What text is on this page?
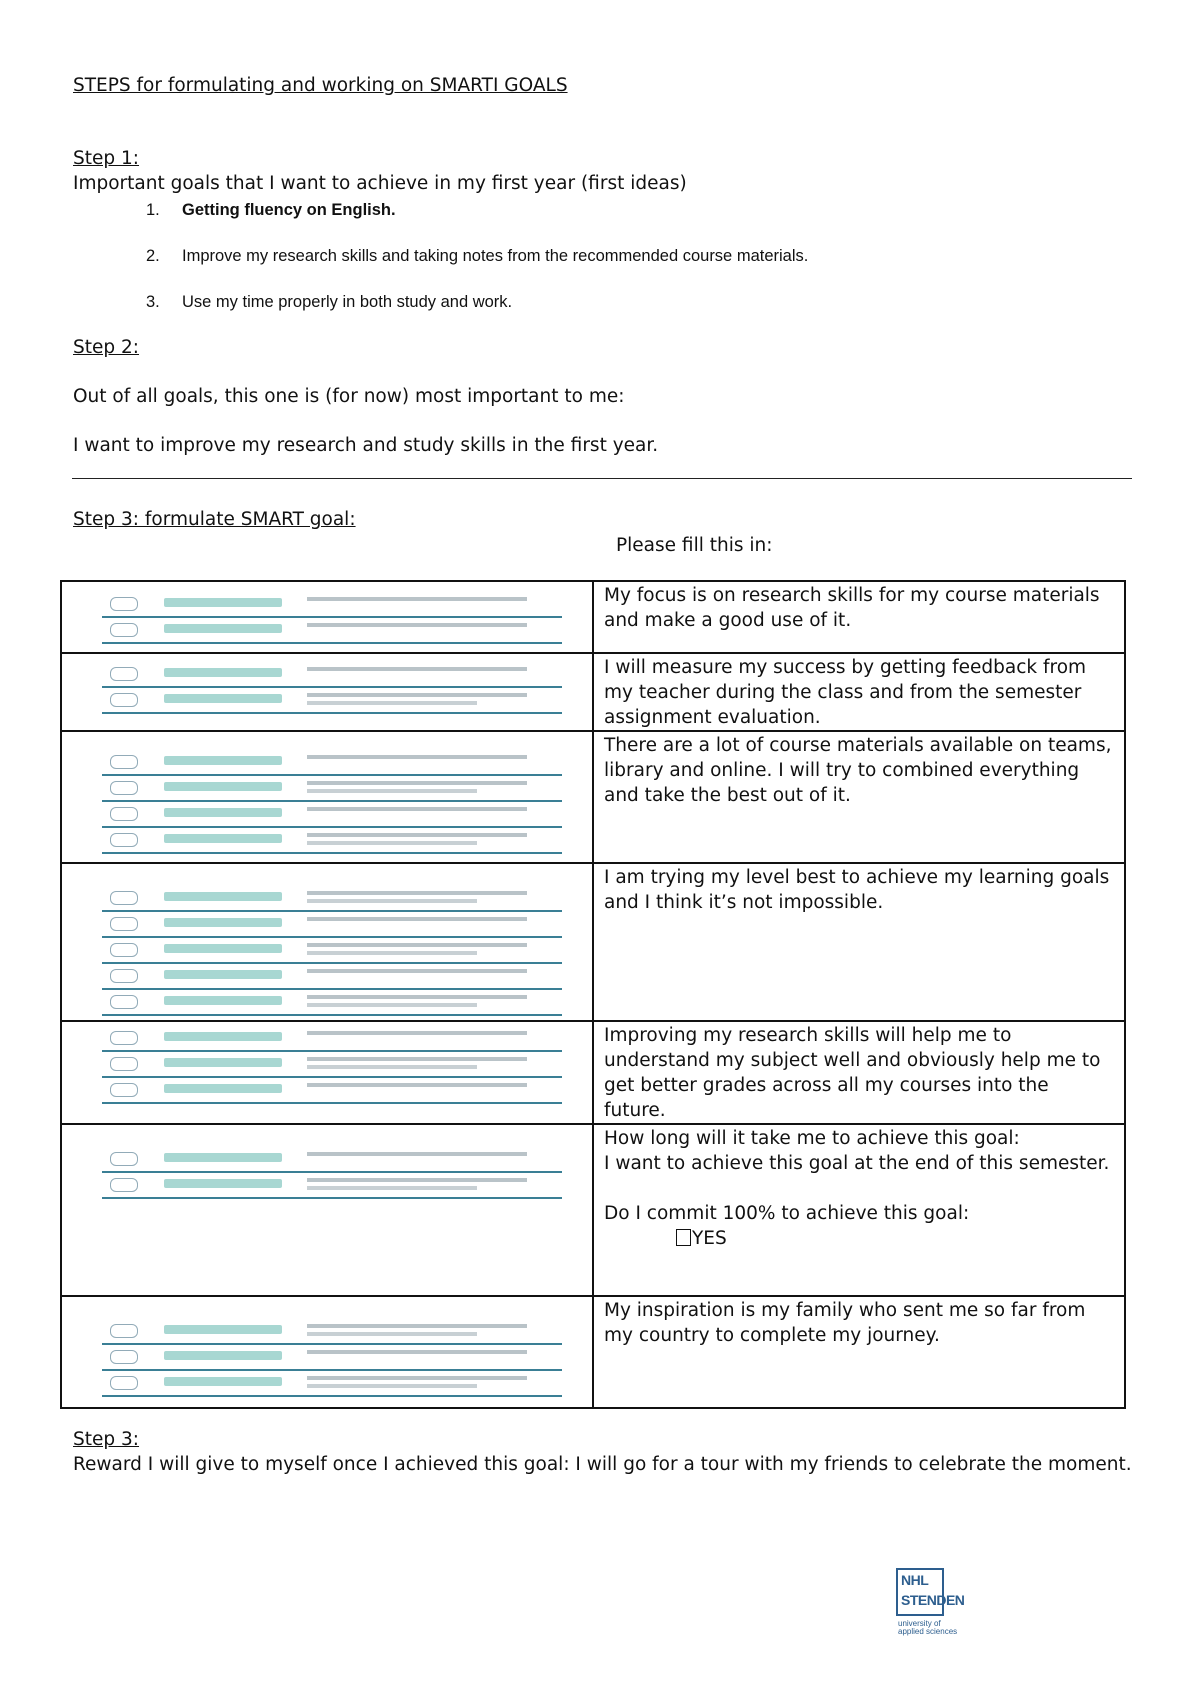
STEPS for formulating and working on SMARTI GOALS
Step 1:
Important goals that I want to achieve in my first year (first ideas)
1. Getting fluency on English.
2. Improve my research skills and taking notes from the recommended course materials.
3. Use my time properly in both study and work.
Step 2:
Out of all goals, this one is (for now) most important to me:
I want to improve my research and study skills in the first year.
Step 3: formulate SMART goal:
Please fill this in:
	My focus is on research skills for my course materials and make a good use of it.

	I will measure my success by getting feedback from my teacher during the class and from the semester assignment evaluation.

	There are a lot of course materials available on teams, library and online. I will try to combined everything and take the best out of it.

	I am trying my level best to achieve my learning goals and I think it’s not impossible.

	Improving my research skills will help me to understand my subject well and obviously help me to get better grades across all my courses into the future.

	How long will it take me to achieve this goal:
I want to achieve this goal at the end of this semester.
Do I commit 100% to achieve this goal:
YES

	My inspiration is my family who sent me so far from my country to complete my journey.
Step 3:
Reward I will give to myself once I achieved this goal: I will go for a tour with my friends to celebrate the moment.
NHL
STENDEN
university of
applied sciences
